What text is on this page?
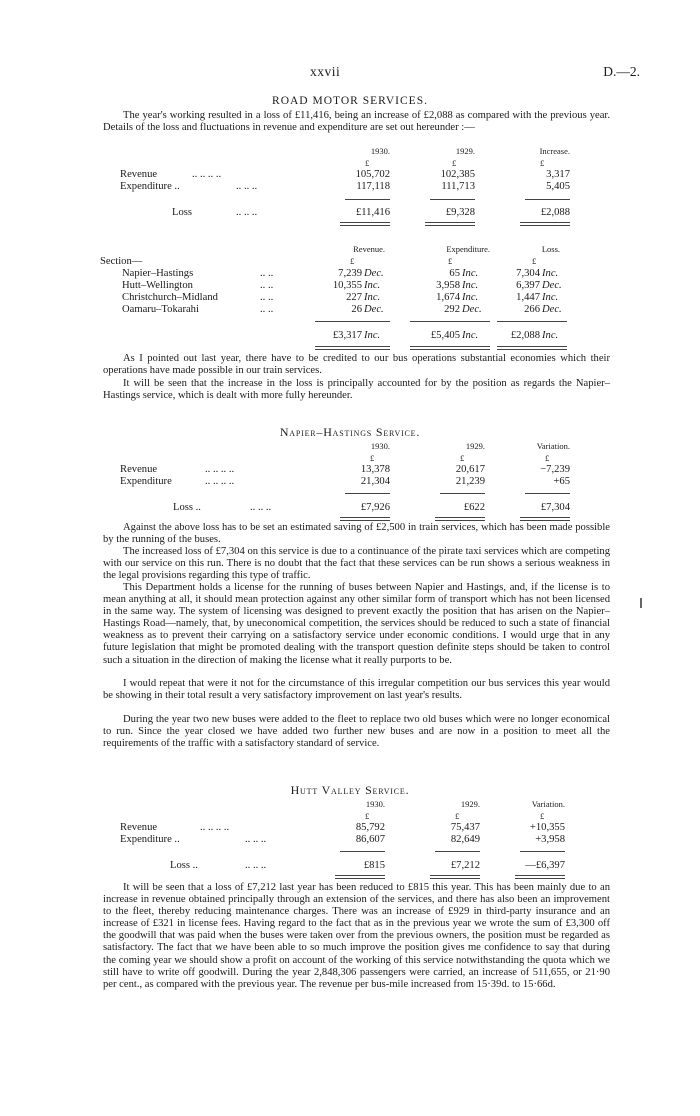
xxvii	D.—2.
ROAD MOTOR SERVICES.

The year's working resulted in a loss of £11,416, being an increase of £2,088 as compared with the previous year. Details of the loss and fluctuations in revenue and expenditure are set out hereunder :—

1930.	1929.	Increase.
£	£	£
Revenue	.. .. .. ..	105,702	102,385	3,317
Expenditure ..	.. .. ..	117,118	111,713	5,405
Loss	.. .. ..	£11,416	£9,328	£2,088
Revenue.	Expenditure.	Loss.
£	£	£
Section—
Napier–Hastings	.. ..	7,239 Dec.	65 Inc.	7,304 Inc.
Hutt–Wellington	.. ..	10,355 Inc.	3,958 Inc.	6,397 Dec.
Christchurch–Midland	.. ..	227 Inc.	1,674 Inc.	1,447 Inc.
Oamaru–Tokarahi	.. ..	26 Dec.	292 Dec.	266 Dec.
£3,317 Inc.	£5,405 Inc.	£2,088 Inc.

As I pointed out last year, there have to be credited to our bus operations substantial economies which their operations have made possible in our train services.

It will be seen that the increase in the loss is principally accounted for by the position as regards the Napier–Hastings service, which is dealt with more fully hereunder.

Napier–Hastings Service.
1930.	1929.	Variation.
£	£	£
Revenue	.. .. .. ..	13,378	20,617	−7,239
Expenditure	.. .. .. ..	21,304	21,239	+65
Loss ..	.. .. ..	£7,926	£622	£7,304

Against the above loss has to be set an estimated saving of £2,500 in train services, which has been made possible by the running of the buses.

The increased loss of £7,304 on this service is due to a continuance of the pirate taxi services which are competing with our service on this run. There is no doubt that the fact that these services can be run shows a serious weakness in the legal provisions regarding this type of traffic.

This Department holds a license for the running of buses between Napier and Hastings, and, if the license is to mean anything at all, it should mean protection against any other similar form of transport which has not been licensed in the same way. The system of licensing was designed to prevent exactly the position that has arisen on the Napier–Hastings Road—namely, that, by uneconomical competition, the services should be reduced to such a state of financial weakness as to prevent their carrying on a satisfactory service under economic conditions. I would urge that in any future legislation that might be promoted dealing with the transport question definite steps should be taken to control such a situation in the direction of making the license what it really purports to be.

I would repeat that were it not for the circumstance of this irregular competition our bus services this year would be showing in their total result a very satisfactory improvement on last year's results.

During the year two new buses were added to the fleet to replace two old buses which were no longer economical to run. Since the year closed we have added two further new buses and are now in a position to meet all the requirements of the traffic with a satisfactory standard of service.

Hutt Valley Service.
1930.	1929.	Variation.
£	£	£
Revenue	.. .. .. ..	85,792	75,437	+10,355
Expenditure ..	.. .. ..	86,607	82,649	+3,958
Loss ..	.. .. ..	£815	£7,212	—£6,397

It will be seen that a loss of £7,212 last year has been reduced to £815 this year. This has been mainly due to an increase in revenue obtained principally through an extension of the services, and there has also been an improvement to the fleet, thereby reducing maintenance charges. There was an increase of £929 in third-party insurance and an increase of £321 in license fees. Having regard to the fact that as in the previous year we wrote the sum of £3,300 off the goodwill that was paid when the buses were taken over from the previous owners, the position must be regarded as satisfactory. The fact that we have been able to so much improve the position gives me confidence to say that during the coming year we should show a profit on account of the working of this service notwithstanding the quota which we still have to write off goodwill. During the year 2,848,306 passengers were carried, an increase of 511,655, or 21·90 per cent., as compared with the previous year. The revenue per bus-mile increased from 15·39d. to 15·66d.
